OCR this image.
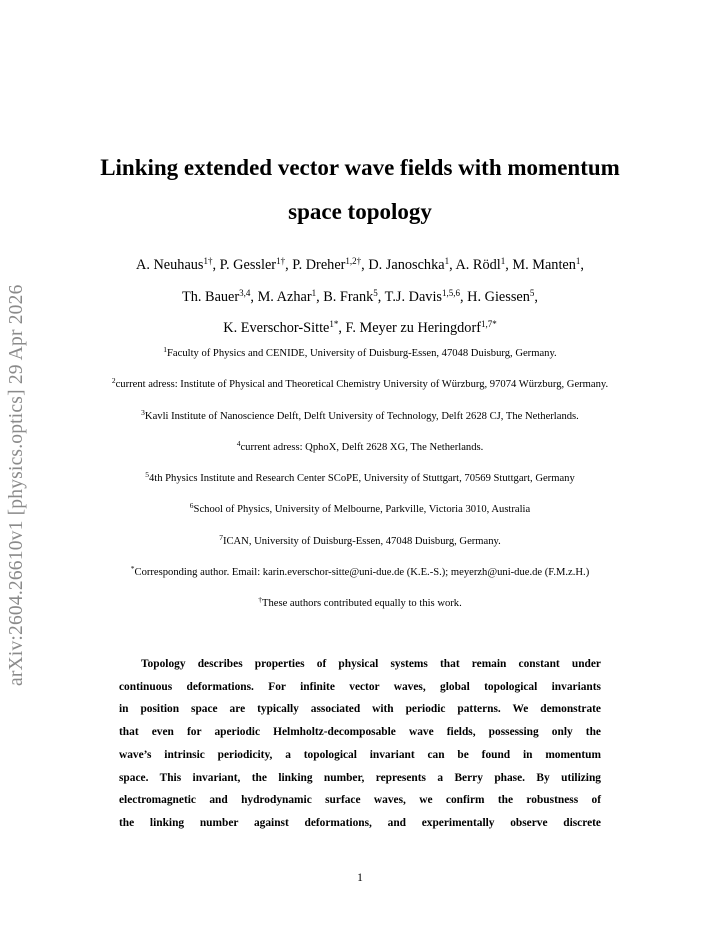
arXiv:2604.26610v1 [physics.optics] 29 Apr 2026
Linking extended vector wave fields with momentum
space topology
A. Neuhaus$^{1\dagger}$, P. Gessler$^{1\dagger}$, P. Dreher$^{1,2\dagger}$, D. Janoschka$^1$, A. Rödl$^1$, M. Manten$^1$,
Th. Bauer$^{3,4}$, M. Azhar$^1$, B. Frank$^5$, T.J. Davis$^{1,5,6}$, H. Giessen$^5$,
K. Everschor-Sitte$^{1*}$, F. Meyer zu Heringdorf$^{1,7*}$
$^1$Faculty of Physics and CENIDE, University of Duisburg-Essen, 47048 Duisburg, Germany.
$^2$current adress: Institute of Physical and Theoretical Chemistry University of Würzburg, 97074 Würzburg, Germany.
$^3$Kavli Institute of Nanoscience Delft, Delft University of Technology, Delft 2628 CJ, The Netherlands.
$^4$current adress: QphoX, Delft 2628 XG, The Netherlands.
$^5$4th Physics Institute and Research Center SCoPE, University of Stuttgart, 70569 Stuttgart, Germany
$^6$School of Physics, University of Melbourne, Parkville, Victoria 3010, Australia
$^7$ICAN, University of Duisburg-Essen, 47048 Duisburg, Germany.
*Corresponding author. Email: karin.everschor-sitte@uni-due.de (K.E.-S.); meyerzh@uni-due.de (F.M.z.H.)
†These authors contributed equally to this work.

Topology describes properties of physical systems that remain constant under
continuous deformations. For infinite vector waves, global topological invariants
in position space are typically associated with periodic patterns. We demonstrate
that even for aperiodic Helmholtz-decomposable wave fields, possessing only the
wave’s intrinsic periodicity, a topological invariant can be found in momentum
space. This invariant, the linking number, represents a Berry phase. By utilizing
electromagnetic and hydrodynamic surface waves, we confirm the robustness of
the linking number against deformations, and experimentally observe discrete

1
